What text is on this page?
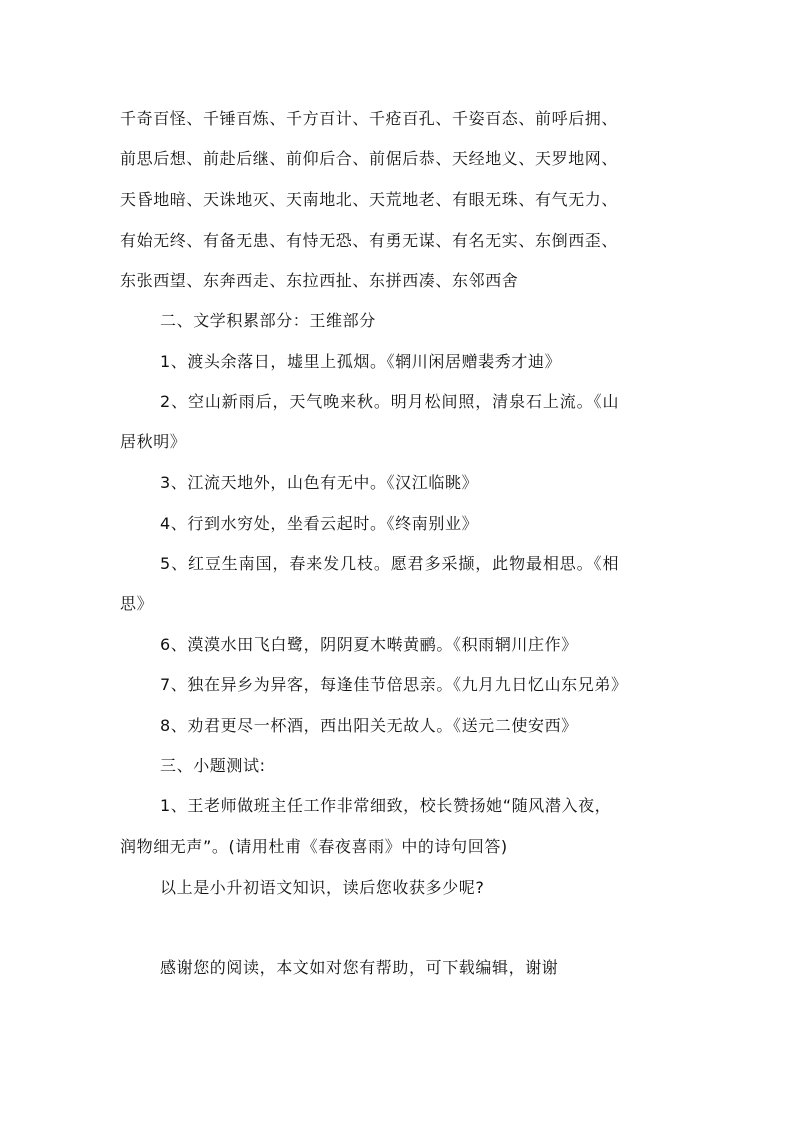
千奇百怪、千锤百炼、千方百计、千疮百孔、千姿百态、前呼后拥、
前思后想、前赴后继、前仰后合、前倨后恭、天经地义、天罗地网、
天昏地暗、天诛地灭、天南地北、天荒地老、有眼无珠、有气无力、
有始无终、有备无患、有恃无恐、有勇无谋、有名无实、东倒西歪、
东张西望、东奔西走、东拉西扯、东拼西凑、东邻西舍
二、文学积累部分：王维部分
1、渡头余落日，墟里上孤烟。《辋川闲居赠裴秀才迪》
2、空山新雨后，天气晚来秋。明月松间照，清泉石上流。《山
居秋明》
3、江流天地外，山色有无中。《汉江临眺》
4、行到水穷处，坐看云起时。《终南别业》
5、红豆生南国，春来发几枝。愿君多采撷，此物最相思。《相
思》
6、漠漠水田飞白鹭，阴阴夏木啭黄鹂。《积雨辋川庄作》
7、独在异乡为异客，每逢佳节倍思亲。《九月九日忆山东兄弟》
8、劝君更尽一杯酒，西出阳关无故人。《送元二使安西》
三、小题测试:
1、王老师做班主任工作非常细致，校长赞扬她“随风潜入夜，
润物细无声”。(请用杜甫《春夜喜雨》中的诗句回答)
以上是小升初语文知识，读后您收获多少呢?
感谢您的阅读，本文如对您有帮助，可下载编辑，谢谢
